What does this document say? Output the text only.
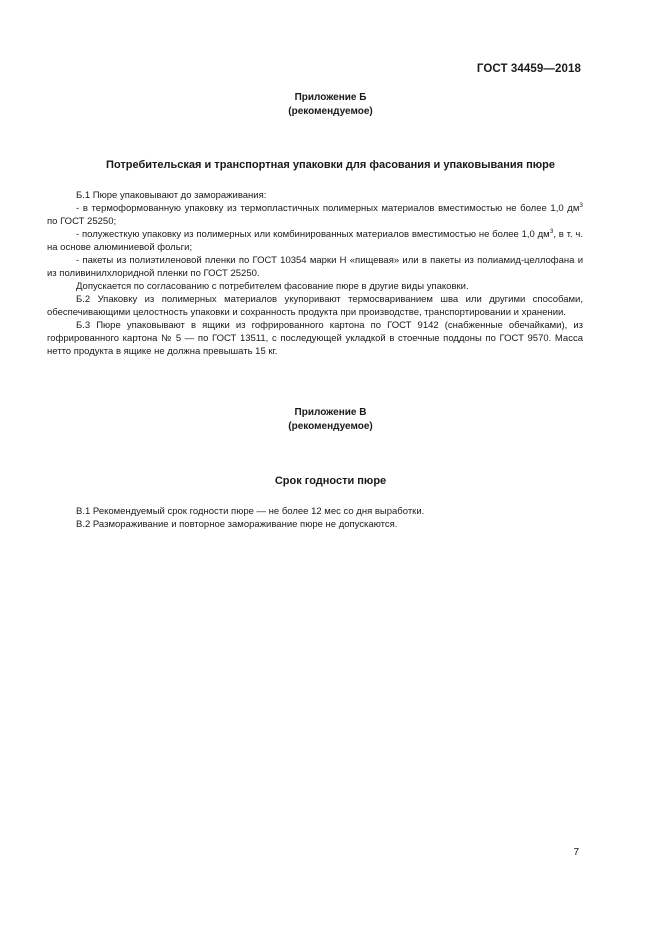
ГОСТ 34459—2018
Приложение Б
(рекомендуемое)
Потребительская и транспортная упаковки для фасования и упаковывания пюре

Б.1 Пюре упаковывают до замораживания:

- в термоформованную упаковку из термопластичных полимерных материалов вместимостью не более 1,0 $дм^3$ по ГОСТ 25250;

- полужесткую упаковку из полимерных или комбинированных материалов вместимостью не более 1,0 $дм^3$, в т. ч. на основе алюминиевой фольги;

- пакеты из полиэтиленовой пленки по ГОСТ 10354 марки Н «пищевая» или в пакеты из полиамид-целлофана и из поливинилхлоридной пленки по ГОСТ 25250.

Допускается по согласованию с потребителем фасование пюре в другие виды упаковки.

Б.2 Упаковку из полимерных материалов укупоривают термосвариванием шва или другими способами, обеспечивающими целостность упаковки и сохранность продукта при производстве, транспортировании и хранении.

Б.3 Пюре упаковывают в ящики из гофрированного картона по ГОСТ 9142 (снабженные обечайками), из гофрированного картона № 5 — по ГОСТ 13511, с последующей укладкой в стоечные поддоны по ГОСТ 9570. Масса нетто продукта в ящике не должна превышать 15 кг.

Приложение В
(рекомендуемое)
Срок годности пюре

В.1 Рекомендуемый срок годности пюре — не более 12 мес со дня выработки.

В.2 Размораживание и повторное замораживание пюре не допускаются.

7
